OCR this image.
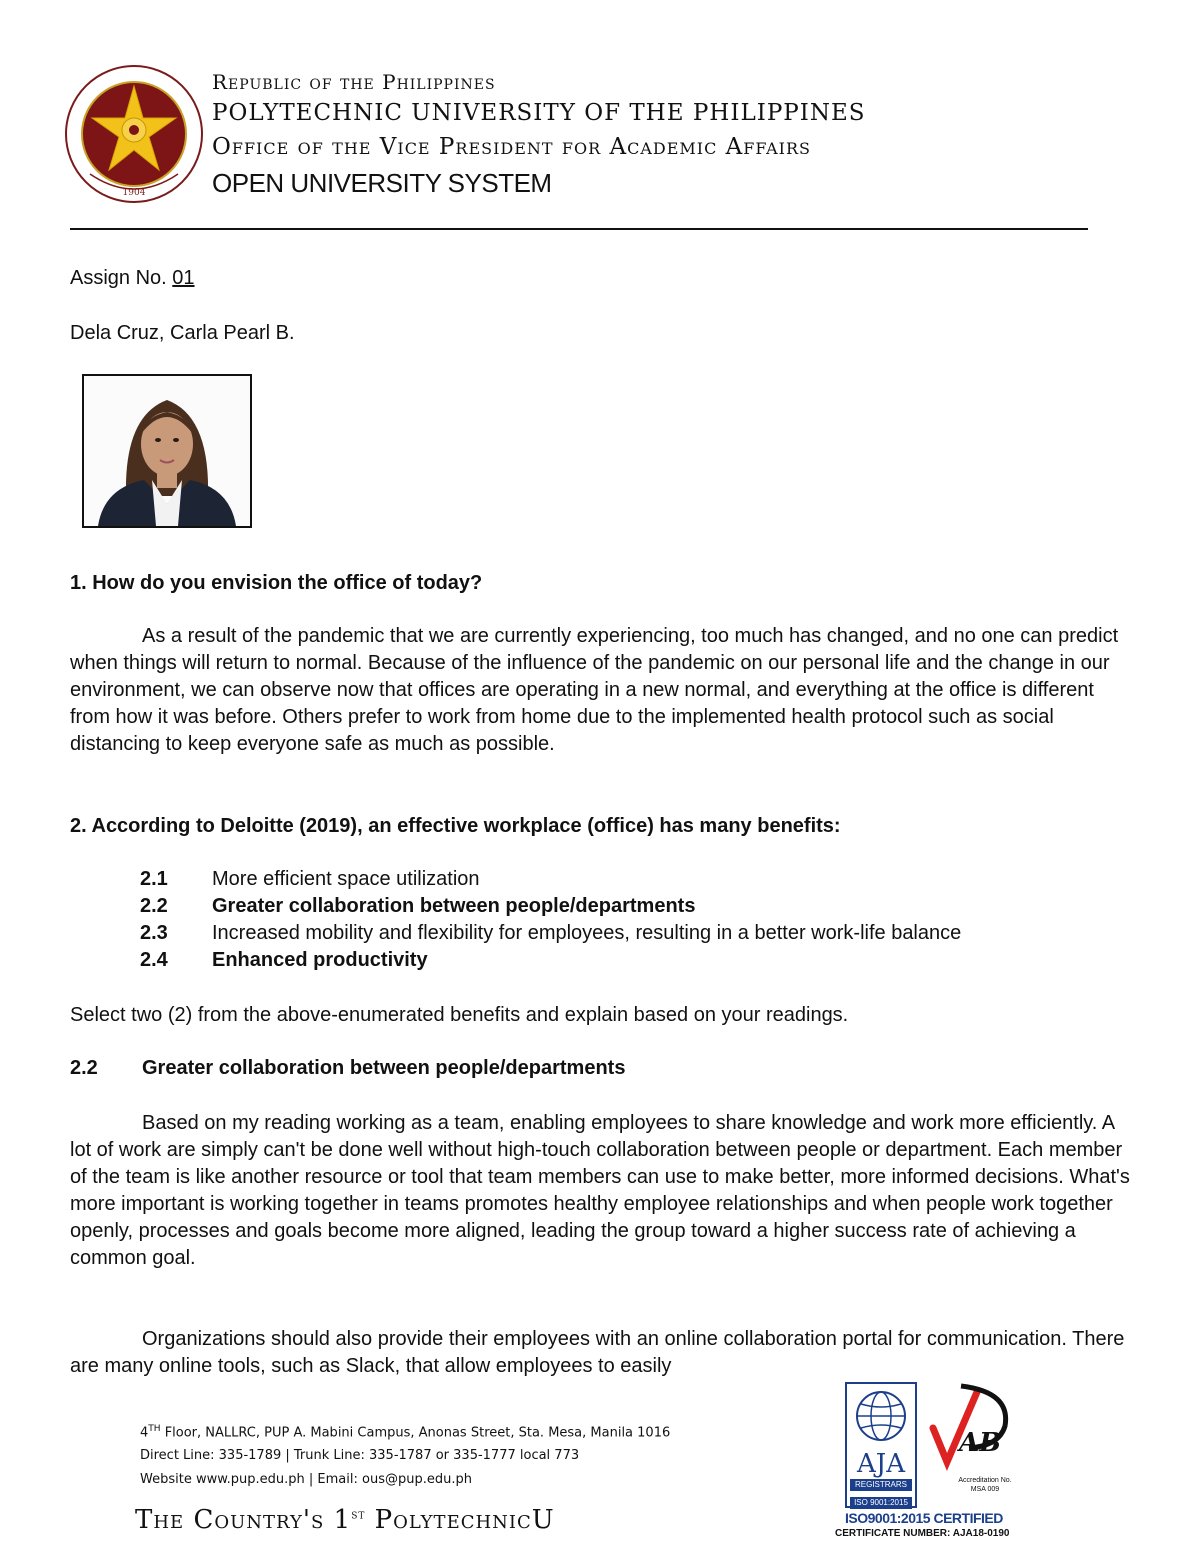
1904
Republic of the Philippines
POLYTECHNIC UNIVERSITY OF THE PHILIPPINES
Office of the Vice President for Academic Affairs
OPEN UNIVERSITY SYSTEM
Assign No. 01
Dela Cruz, Carla Pearl B.
1. How do you envision the office of today?

As a result of the pandemic that we are currently experiencing, too much has changed, and no one can predict when things will return to normal. Because of the influence of the pandemic on our personal life and the change in our environment, we can observe now that offices are operating in a new normal, and everything at the office is different from how it was before. Others prefer to work from home due to the implemented health protocol such as social distancing to keep everyone safe as much as possible.

2. According to Deloitte (2019), an effective workplace (office) has many benefits:
2.1 More efficient space utilization
2.2 Greater collaboration between people/departments
2.3 Increased mobility and flexibility for employees, resulting in a better work-life balance
2.4 Enhanced productivity
Select two (2) from the above-enumerated benefits and explain based on your readings.
2.2 Greater collaboration between people/departments

Based on my reading working as a team, enabling employees to share knowledge and work more efficiently. A lot of work are simply can't be done well without high-touch collaboration between people or department. Each member of the team is like another resource or tool that team members can use to make better, more informed decisions. What's more important is working together in teams promotes healthy employee relationships and when people work together openly, processes and goals become more aligned, leading the group toward a higher success rate of achieving a common goal.

Organizations should also provide their employees with an online collaboration portal for communication. There are many online tools, such as Slack, that allow employees to easily

4TH Floor, NALLRC, PUP A. Mabini Campus, Anonas Street, Sta. Mesa, Manila 1016
Direct Line: 335-1789 | Trunk Line: 335-1787 or 335-1777 local 773
Website www.pup.edu.ph | Email: ous@pup.edu.ph
The Country's 1st PolytechnicU
AJA
REGISTRARS
ISO 9001:2015
AB
Accreditation No. MSA 009
ISO9001:2015 CERTIFIED
CERTIFICATE NUMBER: AJA18-0190
